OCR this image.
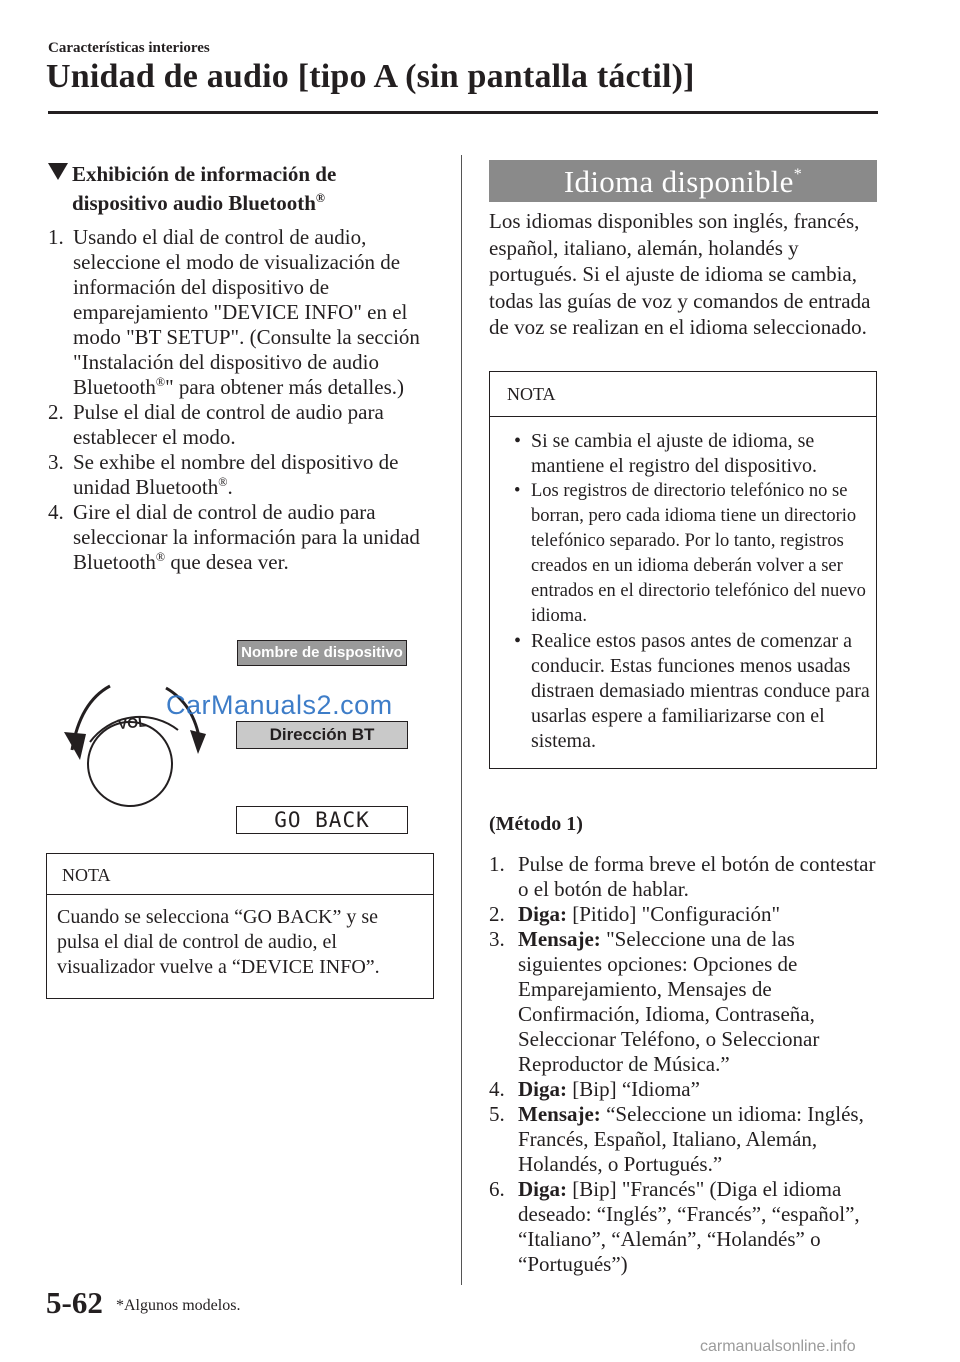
Características interiores
Unidad de audio [tipo A (sin pantalla táctil)]
Exhibición de información de
dispositivo audio Bluetooth®
1. Usando el dial de control de audio, seleccione el modo de visualización de información del dispositivo de emparejamiento "DEVICE INFO" en el modo "BT SETUP". (Consulte la sección "Instalación del dispositivo de audio Bluetooth®" para obtener más detalles.)
2. Pulse el dial de control de audio para establecer el modo.
3. Se exhibe el nombre del dispositivo de unidad Bluetooth®.
4. Gire el dial de control de audio para seleccionar la información para la unidad Bluetooth® que desea ver.
Nombre de dispositivo
VOL
CarManuals2.com
Dirección BT
GO BACK
NOTA
Cuando se selecciona “GO BACK” y se pulsa el dial de control de audio, el visualizador vuelve a “DEVICE INFO”.
Idioma disponible*
Los idiomas disponibles son inglés, francés, español, italiano, alemán, holandés y portugués. Si el ajuste de idioma se cambia, todas las guías de voz y comandos de entrada de voz se realizan en el idioma seleccionado.
NOTA
• Si se cambia el ajuste de idioma, se mantiene el registro del dispositivo.
• Los registros de directorio telefónico no se borran, pero cada idioma tiene un directorio telefónico separado. Por lo tanto, registros creados en un idioma deberán volver a ser entrados en el directorio telefónico del nuevo idioma.
• Realice estos pasos antes de comenzar a conducir. Estas funciones menos usadas distraen demasiado mientras conduce para usarlas espere a familiarizarse con el sistema.
(Método 1)
1. Pulse de forma breve el botón de contestar o el botón de hablar.
2. Diga: [Pitido] "Configuración"
3. Mensaje: "Seleccione una de las siguientes opciones: Opciones de Emparejamiento, Mensajes de Confirmación, Idioma, Contraseña, Seleccionar Teléfono, o Seleccionar Reproductor de Música.”
4. Diga: [Bip] “Idioma”
5. Mensaje: “Seleccione un idioma: Inglés, Francés, Español, Italiano, Alemán, Holandés, o Portugués.”
6. Diga: [Bip] "Francés" (Diga el idioma deseado: “Inglés”, “Francés”, “español”, “Italiano”, “Alemán”, “Holandés” o “Portugués”)
5-62 *Algunos modelos.
carmanualsonline.info
